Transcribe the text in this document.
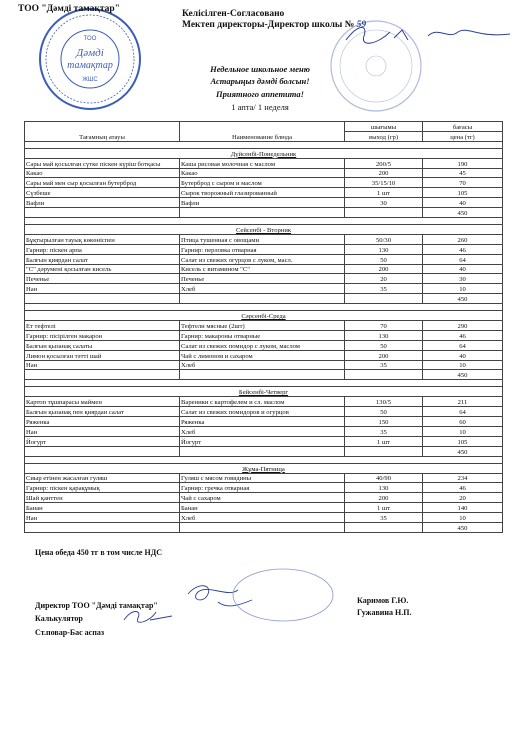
ТОО
Дәмді
тамақтар
ЖШС
ТОО "Дәмді тамақтар"	Келісілген-Согласовано
Мектеп директоры-Директор школы № 59
Недельное школьное меню
Астарыңыз дәмді болсын!
Приятного аппетита!
1 апта/ 1 неделя
Тағамның атауы	Наименование блюда	шығымы	бағасы
		выход (гр)	цена (тг)

Дүйсенбі-Понедельник			
Сары май қосылған сүтке піскен күріш ботқасы	Каша рисовая молочная с маслом	200/5	190
Какао	Какао	200	45
Сары май мен сыр қосылған бутерброд	Бутерброд с сыром и маслом	35/15/10	70
Сүзбеше	Сырок творожный глазированный	1 шт	105
Вафли	Вафли	30	40
			450

Сейсенбі - Вторник			
Бұқтырылған тауық көкөніспен	Птица тушенная с овощами	50/30	260
Гарнир: піскен арпа	Гарнир: перловка отварная	130	46
Балғын қиярдан салат	Салат из свежих огурцов с луком, масл.	50	64
"С" дәрумені қосылған кисель	Кисель с витамином "С"	200	40
Печенье	Печенье	20	30
Нан	Хлеб	35	10
			450

Сәрсенбі-Среда			
Ет тефтелі	Тефтели мясные (2шт)	70	290
Гарнир: пісірілген макарон	Гарнир: макароны отварные	130	46
Балғын қызанақ салаты	Салат из свежих помидор с луком, маслом	50	64
Лимон қосылған тәтті шай	Чай с лимоном и сахаром	200	40
Нан	Хлеб	35	10
			450

Бейсенбі-Четверг			
Картоп тұшпарасы маймен	Вареники с картофелем и сл. маслом	130/5	211
Балғын қызанақ пен қиярдан салат	Салат из свежих помидоров и огурцов	50	64
Ряженка	Ряженка	150	60
Нан	Хлеб	35	10
Йогурт	Йогурт	1 шт	105
			450

Жұма-Пятница			
Сиыр етінен жасалған гуляш	Гуляш с мясом говядины	40/90	234
Гарнир: піскен қарақұмық	Гарнир: гречка отварная	130	46
Шай қанттен	Чай с сахаром	200	20
Банан	Банан	1 шт	140
Нан	Хлеб	35	10
			450
Цена обеда 450 тг в том числе НДС
Директор ТОО "Дәмді тамақтар"
Калькулятор
Ст.повар-Бас аспаз
Каримов Г.Ю.
Гужавина Н.П.
